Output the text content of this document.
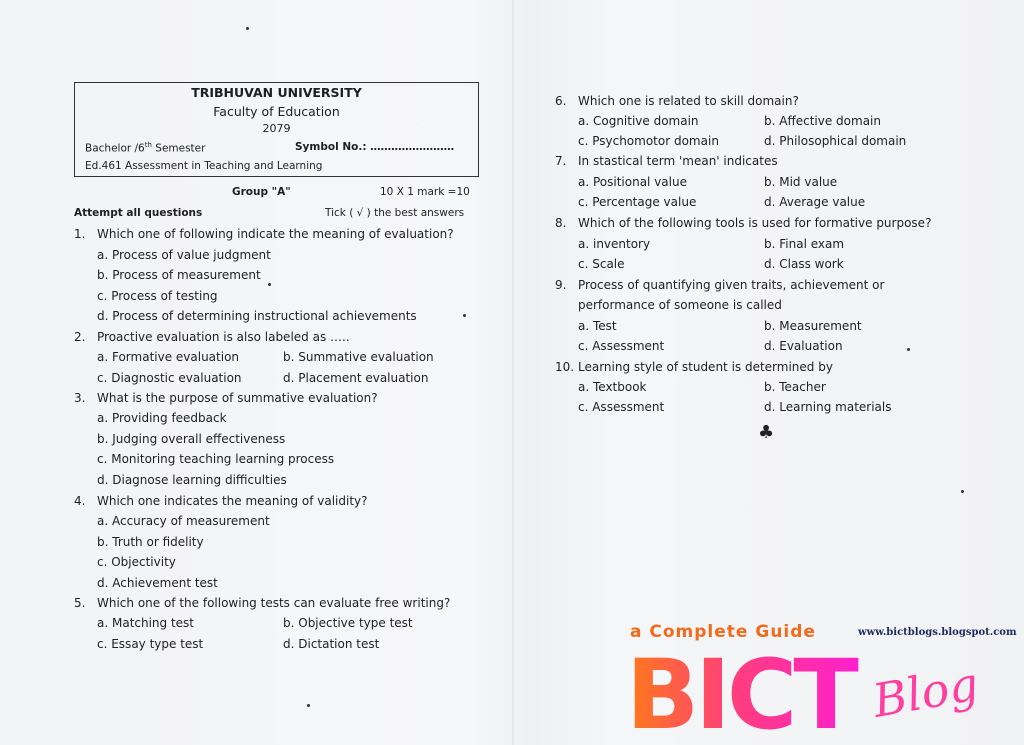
TRIBHUVAN UNIVERSITY
Faculty of Education
2079
Bachelor /6th Semester	Symbol No.: ……………………
Ed.461 Assessment in Teaching and Learning
Group "A"	10 X 1 mark =10
Attempt all questions	Tick ( √ ) the best answers
1. Which one of following indicate the meaning of evaluation?
a. Process of value judgment
b. Process of measurement
c. Process of testing
d. Process of determining instructional achievements
2. Proactive evaluation is also labeled as …..
a. Formative evaluation	b. Summative evaluation
c. Diagnostic evaluation	d. Placement evaluation
3. What is the purpose of summative evaluation?
a. Providing feedback
b. Judging overall effectiveness
c. Monitoring teaching learning process
d. Diagnose learning difficulties
4. Which one indicates the meaning of validity?
a. Accuracy of measurement
b. Truth or fidelity
c. Objectivity
d. Achievement test
5. Which one of the following tests can evaluate free writing?
a. Matching test	b. Objective type test
c. Essay type test	d. Dictation test
6. Which one is related to skill domain?
a. Cognitive domain	b. Affective domain
c. Psychomotor domain	d. Philosophical domain
7. In stastical term 'mean' indicates
a. Positional value	b. Mid value
c. Percentage value	d. Average value
8. Which of the following tools is used for formative purpose?
a. inventory	b. Final exam
c. Scale	d. Class work
9. Process of quantifying given traits, achievement or
performance of someone is called
a. Test	b. Measurement
c. Assessment	d. Evaluation
10. Learning style of student is determined by
a. Textbook	b. Teacher
c. Assessment	d. Learning materials
♣
a Complete Guide	www.bictblogs.blogspot.com
BICT Blog
